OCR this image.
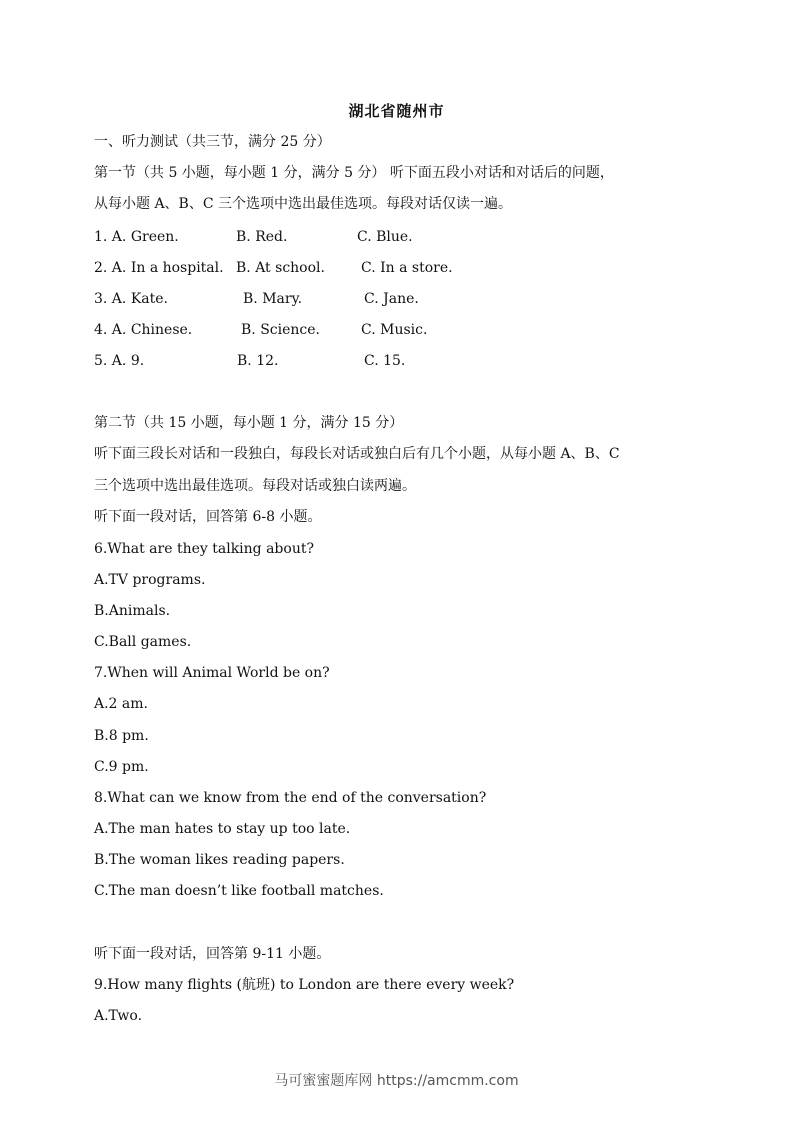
湖北省随州市
一、听力测试（共三节，满分 25 分）
第一节（共 5 小题，每小题 1 分，满分 5 分） 听下面五段小对话和对话后的问题，
从每小题 A、B、C 三个选项中选出最佳选项。每段对话仅读一遍。
1. A. Green.	B. Red.	C. Blue.
2. A. In a hospital. B. At school.	C. In a store.
3. A. Kate.	B. Mary.	C. Jane.
4. A. Chinese.	B. Science.	C. Music.
5. A. 9.	B. 12.	C. 15.
第二节（共 15 小题，每小题 1 分，满分 15 分）
听下面三段长对话和一段独白，每段长对话或独白后有几个小题，从每小题 A、B、C
三个选项中选出最佳选项。每段对话或独白读两遍。
听下面一段对话，回答第 6-8 小题。
6.What are they talking about?
A.TV programs.
B.Animals.
C.Ball games.
7.When will Animal World be on?
A.2 am.
B.8 pm.
C.9 pm.
8.What can we know from the end of the conversation?
A.The man hates to stay up too late.
B.The woman likes reading papers.
C.The man doesn’t like football matches.
听下面一段对话，回答第 9-11 小题。
9.How many flights (航班) to London are there every week?
A.Two.
马可蜜蜜题库网 https://amcmm.com
